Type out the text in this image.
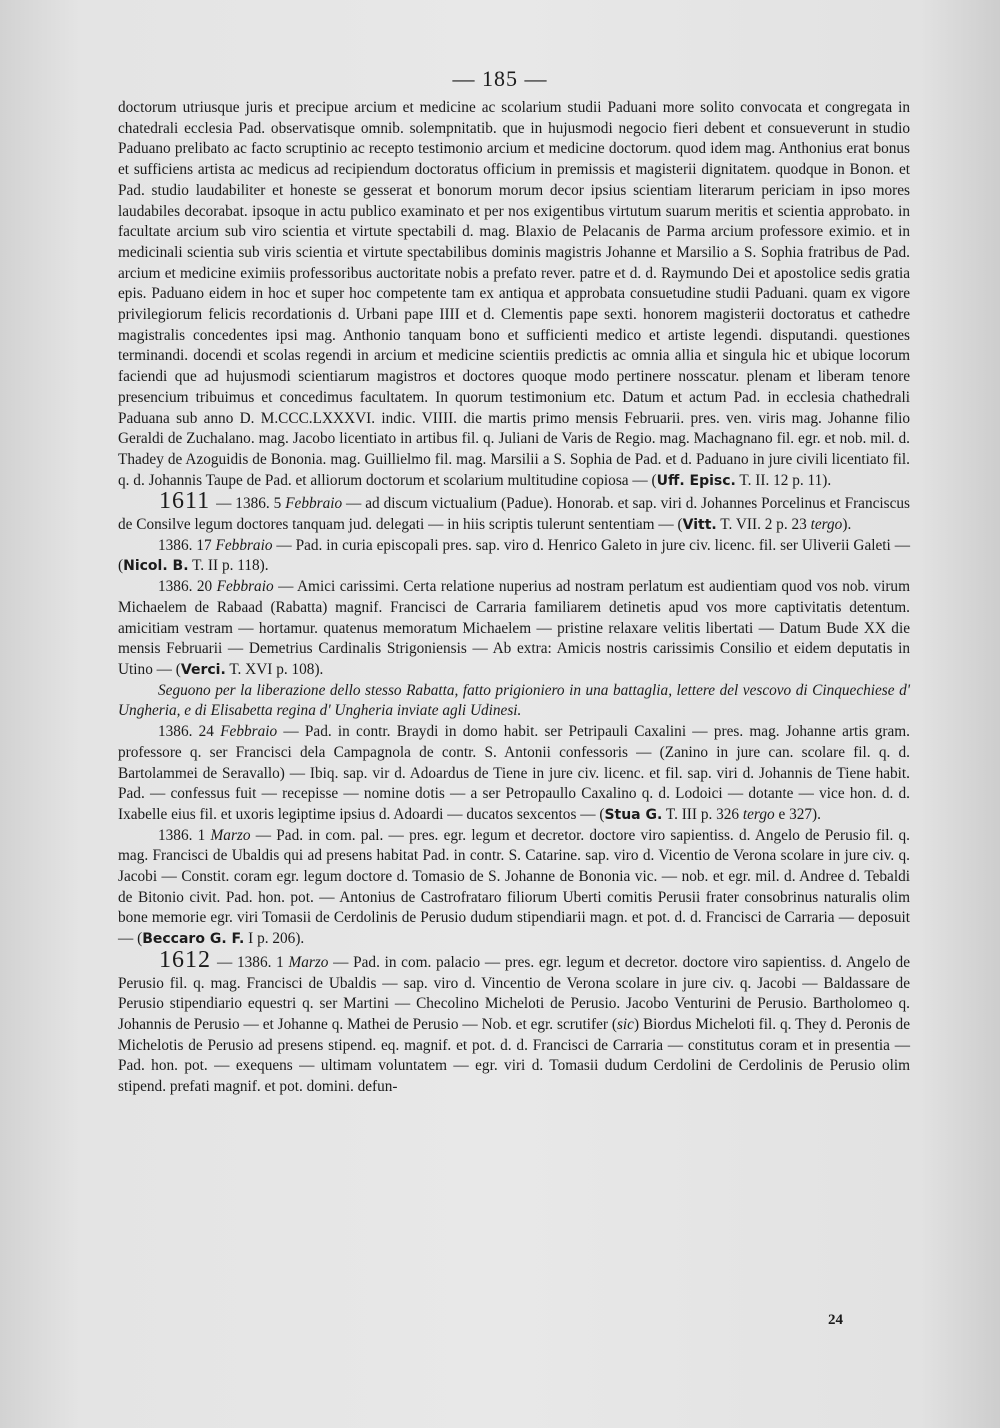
— 185 —

doctorum utriusque juris et precipue arcium et medicine ac scolarium studii Paduani more solito convocata et congregata in chatedrali ecclesia Pad. observatisque omnib. solempnitatib. que in hujusmodi negocio fieri debent et consueverunt in studio Paduano prelibato ac facto scruptinio ac recepto testimonio arcium et medicine doctorum. quod idem mag. Anthonius erat bonus et sufficiens artista ac medicus ad recipiendum doctoratus officium in premissis et magisterii dignitatem. quodque in Bonon. et Pad. studio laudabiliter et honeste se gesserat et bonorum morum decor ipsius scientiam literarum periciam in ipso mores laudabiles decorabat. ipsoque in actu publico examinato et per nos exigentibus virtutum suarum meritis et scientia approbato. in facultate arcium sub viro scientia et virtute spectabili d. mag. Blaxio de Pelacanis de Parma arcium professore eximio. et in medicinali scientia sub viris scientia et virtute spectabilibus dominis magistris Johanne et Marsilio a S. Sophia fratribus de Pad. arcium et medicine eximiis professoribus auctoritate nobis a prefato rever. patre et d. d. Raymundo Dei et apostolice sedis gratia epis. Paduano eidem in hoc et super hoc competente tam ex antiqua et approbata consuetudine studii Paduani. quam ex vigore privilegiorum felicis recordationis d. Urbani pape IIII et d. Clementis pape sexti. honorem magisterii doctoratus et cathedre magistralis concedentes ipsi mag. Anthonio tanquam bono et sufficienti medico et artiste legendi. disputandi. questiones terminandi. docendi et scolas regendi in arcium et medicine scientiis predictis ac omnia allia et singula hic et ubique locorum faciendi que ad hujusmodi scientiarum magistros et doctores quoque modo pertinere nosscatur. plenam et liberam tenore presencium tribuimus et concedimus facultatem. In quorum testimonium etc. Datum et actum Pad. in ecclesia chathedrali Paduana sub anno D. M.CCC.LXXXVI. indic. VIIII. die martis primo mensis Februarii. pres. ven. viris mag. Johanne filio Geraldi de Zuchalano. mag. Jacobo licentiato in artibus fil. q. Juliani de Varis de Regio. mag. Machagnano fil. egr. et nob. mil. d. Thadey de Azoguidis de Bononia. mag. Guillielmo fil. mag. Marsilii a S. Sophia de Pad. et d. Paduano in jure civili licentiato fil. q. d. Johannis Taupe de Pad. et alliorum doctorum et scolarium multitudine copiosa — (Uff. Episc. T. II. 12 p. 11).

1611 — 1386. 5 Febbraio — ad discum victualium (Padue). Honorab. et sap. viri d. Johannes Porcelinus et Franciscus de Consilve legum doctores tanquam jud. delegati — in hiis scriptis tulerunt sententiam — (Vitt. T. VII. 2 p. 23 tergo).

1386. 17 Febbraio — Pad. in curia episcopali pres. sap. viro d. Henrico Galeto in jure civ. licenc. fil. ser Uliverii Galeti — (Nicol. B. T. II p. 118).

1386. 20 Febbraio — Amici carissimi. Certa relatione nuperius ad nostram perlatum est audientiam quod vos nob. virum Michaelem de Rabaad (Rabatta) magnif. Francisci de Carraria familiarem detinetis apud vos more captivitatis detentum. amicitiam vestram — hortamur. quatenus memoratum Michaelem — pristine relaxare velitis libertati — Datum Bude XX die mensis Februarii — Demetrius Cardinalis Strigoniensis — Ab extra: Amicis nostris carissimis Consilio et eidem deputatis in Utino — (Verci. T. XVI p. 108).

Seguono per la liberazione dello stesso Rabatta, fatto prigioniero in una battaglia, lettere del vescovo di Cinquechiese d' Ungheria, e di Elisabetta regina d' Ungheria inviate agli Udinesi.

1386. 24 Febbraio — Pad. in contr. Braydi in domo habit. ser Petripauli Caxalini — pres. mag. Johanne artis gram. professore q. ser Francisci dela Campagnola de contr. S. Antonii confessoris — (Zanino in jure can. scolare fil. q. d. Bartolammei de Seravallo) — Ibiq. sap. vir d. Adoardus de Tiene in jure civ. licenc. et fil. sap. viri d. Johannis de Tiene habit. Pad. — confessus fuit — recepisse — nomine dotis — a ser Petropaullo Caxalino q. d. Lodoici — dotante — vice hon. d. d. Ixabelle eius fil. et uxoris legiptime ipsius d. Adoardi — ducatos sexcentos — (Stua G. T. III p. 326 tergo e 327).

1386. 1 Marzo — Pad. in com. pal. — pres. egr. legum et decretor. doctore viro sapientiss. d. Angelo de Perusio fil. q. mag. Francisci de Ubaldis qui ad presens habitat Pad. in contr. S. Catarine. sap. viro d. Vicentio de Verona scolare in jure civ. q. Jacobi — Constit. coram egr. legum doctore d. Tomasio de S. Johanne de Bononia vic. — nob. et egr. mil. d. Andree d. Tebaldi de Bitonio civit. Pad. hon. pot. — Antonius de Castrofrataro filiorum Uberti comitis Perusii frater consobrinus naturalis olim bone memorie egr. viri Tomasii de Cerdolinis de Perusio dudum stipendiarii magn. et pot. d. d. Francisci de Carraria — deposuit — (Beccaro G. F. I p. 206).

1612 — 1386. 1 Marzo — Pad. in com. palacio — pres. egr. legum et decretor. doctore viro sapientiss. d. Angelo de Perusio fil. q. mag. Francisci de Ubaldis — sap. viro d. Vincentio de Verona scolare in jure civ. q. Jacobi — Baldassare de Perusio stipendiario equestri q. ser Martini — Checolino Micheloti de Perusio. Jacobo Venturini de Perusio. Bartholomeo q. Johannis de Perusio — et Johanne q. Mathei de Perusio — Nob. et egr. scrutifer (sic) Biordus Micheloti fil. q. They d. Peronis de Michelotis de Perusio ad presens stipend. eq. magnif. et pot. d. d. Francisci de Carraria — constitutus coram et in presentia — Pad. hon. pot. — exequens — ultimam voluntatem — egr. viri d. Tomasii dudum Cerdolini de Cerdolinis de Perusio olim stipend. prefati magnif. et pot. domini. defun-

24
